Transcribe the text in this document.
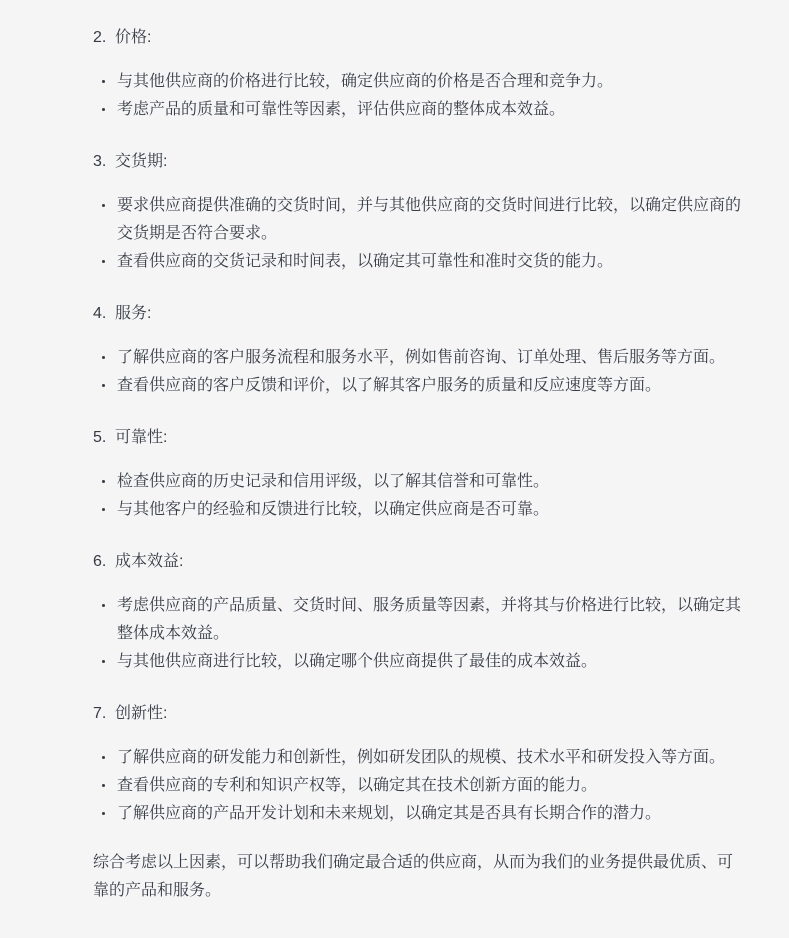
2. 价格:
与其他供应商的价格进行比较，确定供应商的价格是否合理和竞争力。
考虑产品的质量和可靠性等因素，评估供应商的整体成本效益。
3. 交货期:
要求供应商提供准确的交货时间，并与其他供应商的交货时间进行比较，以确定供应商的交货期是否符合要求。
查看供应商的交货记录和时间表，以确定其可靠性和准时交货的能力。
4. 服务:
了解供应商的客户服务流程和服务水平，例如售前咨询、订单处理、售后服务等方面。
查看供应商的客户反馈和评价，以了解其客户服务的质量和反应速度等方面。
5. 可靠性:
检查供应商的历史记录和信用评级，以了解其信誉和可靠性。
与其他客户的经验和反馈进行比较，以确定供应商是否可靠。
6. 成本效益:
考虑供应商的产品质量、交货时间、服务质量等因素，并将其与价格进行比较，以确定其整体成本效益。
与其他供应商进行比较，以确定哪个供应商提供了最佳的成本效益。
7. 创新性:
了解供应商的研发能力和创新性，例如研发团队的规模、技术水平和研发投入等方面。
查看供应商的专利和知识产权等，以确定其在技术创新方面的能力。
了解供应商的产品开发计划和未来规划，以确定其是否具有长期合作的潜力。

综合考虑以上因素，可以帮助我们确定最合适的供应商，从而为我们的业务提供最优质、可靠的产品和服务。
